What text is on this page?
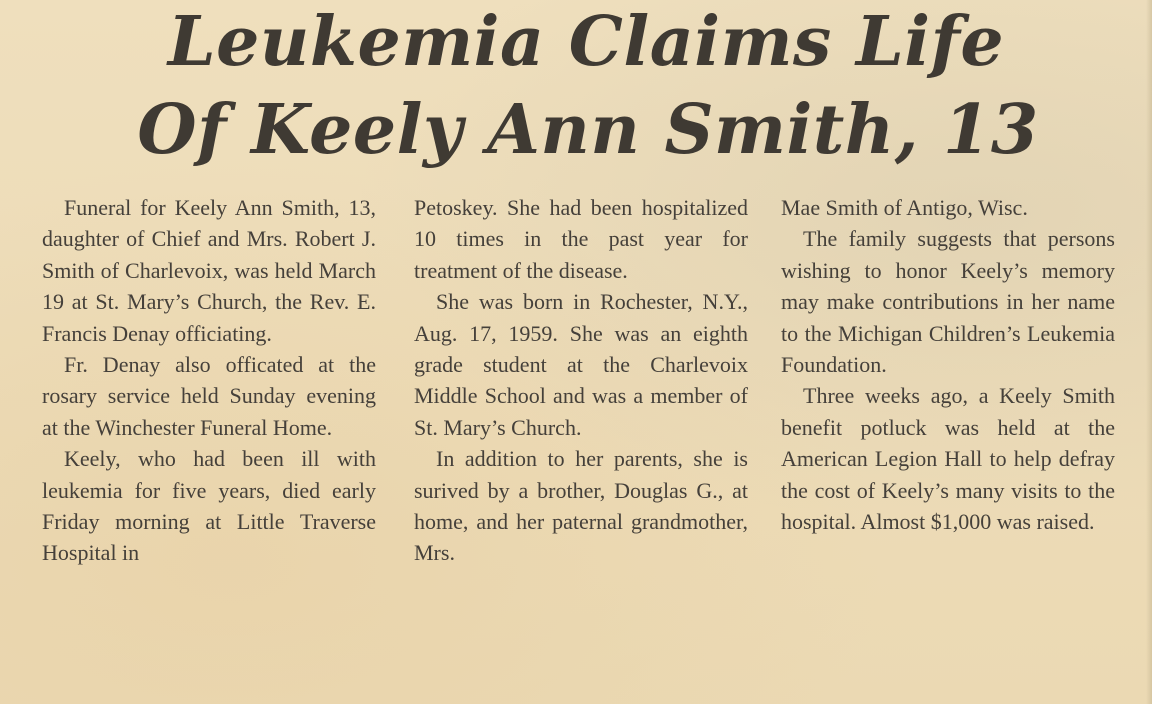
Leukemia Claims Life
Of Keely Ann Smith, 13

Funeral for Keely Ann Smith, 13, daughter of Chief and Mrs. Robert J. Smith of Charlevoix, was held March 19 at St. Mary’s Church, the Rev. E. Francis Denay officiating.

Fr. Denay also officated at the rosary service held Sunday evening at the Winchester Funeral Home.

Keely, who had been ill with leukemia for five years, died early Friday morning at Little Traverse Hospital in

Petoskey. She had been hospitalized 10 times in the past year for treatment of the disease.

She was born in Rochester, N.Y., Aug. 17, 1959. She was an eighth grade student at the Charlevoix Middle School and was a member of St. Mary’s Church.

In addition to her parents, she is surived by a brother, Douglas G., at home, and her paternal grandmother, Mrs.

Mae Smith of Antigo, Wisc.

The family suggests that persons wishing to honor Keely’s memory may make contributions in her name to the Michigan Children’s Leukemia Foundation.

Three weeks ago, a Keely Smith benefit potluck was held at the American Legion Hall to help defray the cost of Keely’s many visits to the hospital. Almost $1,000 was raised.
